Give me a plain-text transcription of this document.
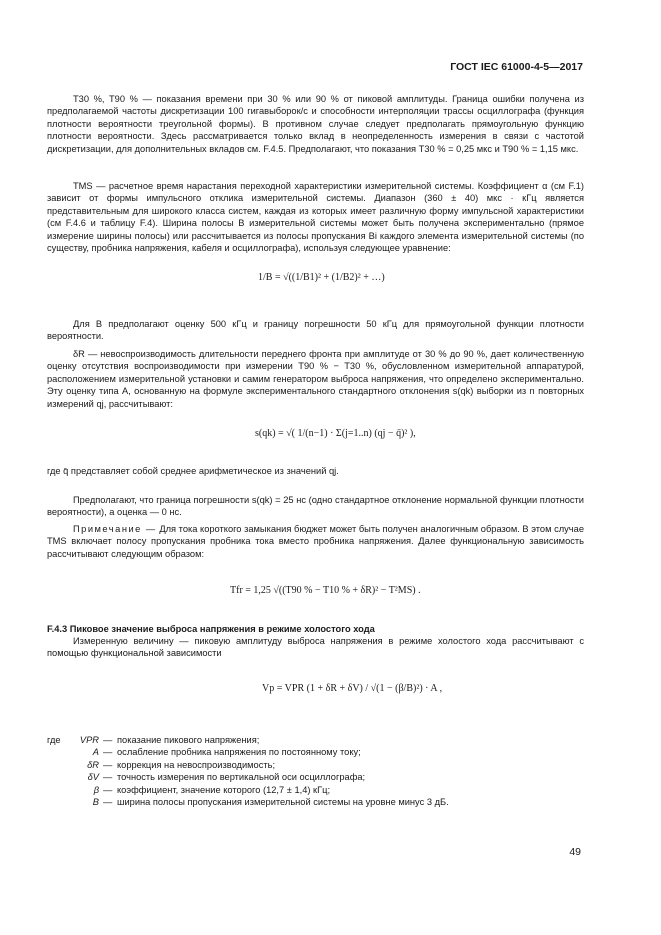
ГОСТ IEC 61000-4-5—2017

T30 %, T90 % — показания времени при 30 % или 90 % от пиковой амплитуды. Граница ошибки получена из предполагаемой частоты дискретизации 100 гигавыборок/с и способности интерполяции трассы осциллографа (функция плотности вероятности треугольной формы). В противном случае следует предполагать прямоугольную функцию плотности вероятности. Здесь рассматривается только вклад в неопределенность измерения в связи с частотой дискретизации, для дополнительных вкладов см. F.4.5. Предполагают, что показания T30 % = 0,25 мкс и T90 % = 1,15 мкс.

TMS — расчетное время нарастания переходной характеристики измерительной системы. Коэффициент α (см F.1) зависит от формы импульсного отклика измерительной системы. Диапазон (360 ± 40) мкс · кГц является представительным для широкого класса систем, каждая из которых имеет различную форму импульсной характеристики (см F.4.6 и таблицу F.4). Ширина полосы B измерительной системы может быть получена экспериментально (прямое измерение ширины полосы) или рассчитывается из полосы пропускания Bi каждого элемента измерительной системы (по существу, пробника напряжения, кабеля и осциллографа), используя следующее уравнение:

1/B = √((1/B1)² + (1/B2)² + …)

Для B предполагают оценку 500 кГц и границу погрешности 50 кГц для прямоугольной функции плотности вероятности.

δR — невоспроизводимость длительности переднего фронта при амплитуде от 30 % до 90 %, дает количественную оценку отсутствия воспроизводимости при измерении T90 % − T30 %, обусловленном измерительной аппаратурой, расположением измерительной установки и самим генератором выброса напряжения, что определено экспериментально. Эту оценку типа A, основанную на формуле экспериментального стандартного отклонения s(qk) выборки из n повторных измерений qj, рассчитывают:

s(qk) = √( 1/(n−1) · Σ(j=1..n) (qj − q̄)² ),

где q̄ представляет собой среднее арифметическое из значений qj.

Предполагают, что граница погрешности s(qk) = 25 нс (одно стандартное отклонение нормальной функции плотности вероятности), а оценка — 0 нс.

Примечание — Для тока короткого замыкания бюджет может быть получен аналогичным образом. В этом случае TMS включает полосу пропускания пробника тока вместо пробника напряжения. Далее функциональную зависимость рассчитывают следующим образом:

Tfr = 1,25 √((T90 % − T10 % + δR)² − T²MS) .

F.4.3 Пиковое значение выброса напряжения в режиме холостого хода

Измеренную величину — пиковую амплитуду выброса напряжения в режиме холостого хода рассчитывают с помощью функциональной зависимости

Vp = VPR (1 + δR + δV) / √(1 − (β/B)²) · A ,
где	VPR — показание пикового напряжения;
A — ослабление пробника напряжения по постоянному току;
δR — коррекция на невоспроизводимость;
δV — точность измерения по вертикальной оси осциллографа;
β — коэффициент, значение которого (12,7 ± 1,4) кГц;
B — ширина полосы пропускания измерительной системы на уровне минус 3 дБ.
49
